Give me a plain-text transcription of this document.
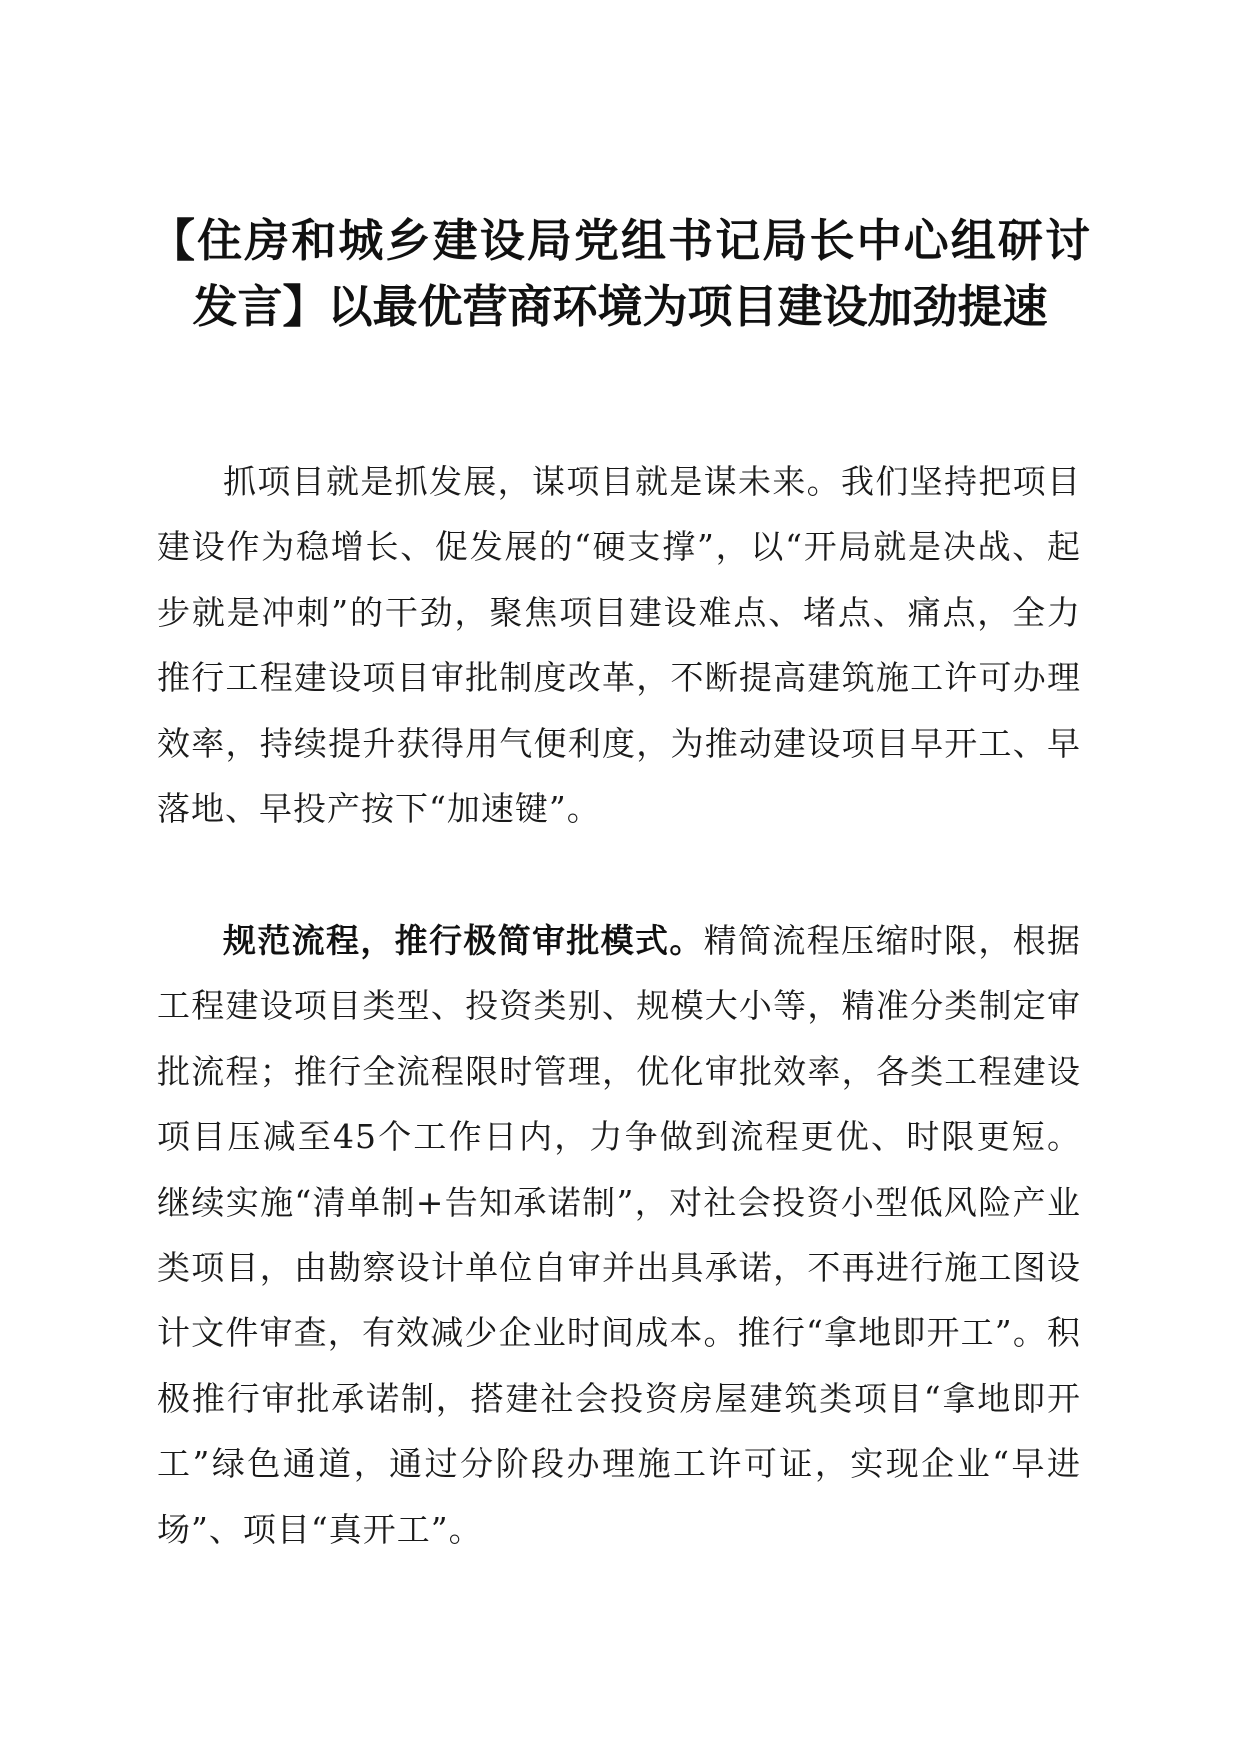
【住房和城乡建设局党组书记局长中心组研讨发言】以最优营商环境为项目建设加劲提速

抓项目就是抓发展，谋项目就是谋未来。我们坚持把项目建设作为稳增长、促发展的“硬支撑”，以“开局就是决战、起步就是冲刺”的干劲，聚焦项目建设难点、堵点、痛点，全力推行工程建设项目审批制度改革，不断提高建筑施工许可办理效率，持续提升获得用气便利度，为推动建设项目早开工、早落地、早投产按下“加速键”。

规范流程，推行极简审批模式。精简流程压缩时限，根据工程建设项目类型、投资类别、规模大小等，精准分类制定审批流程；推行全流程限时管理，优化审批效率，各类工程建设项目压减至45个工作日内，力争做到流程更优、时限更短。继续实施“清单制+告知承诺制”，对社会投资小型低风险产业类项目，由勘察设计单位自审并出具承诺，不再进行施工图设计文件审查，有效减少企业时间成本。推行“拿地即开工”。积极推行审批承诺制，搭建社会投资房屋建筑类项目“拿地即开工”绿色通道，通过分阶段办理施工许可证，实现企业“早进场”、项目“真开工”。
